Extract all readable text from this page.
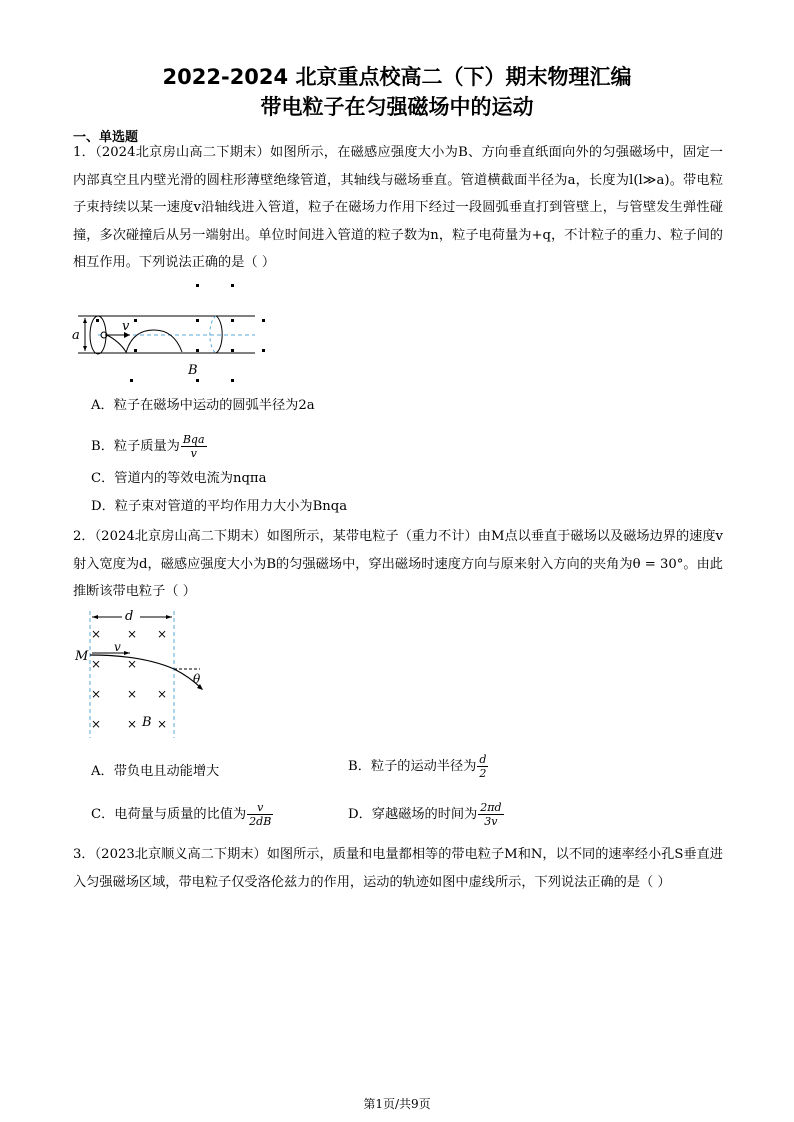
2022-2024 北京重点校高二（下）期末物理汇编
带电粒子在匀强磁场中的运动
一、单选题

1．（2024北京房山高二下期末）如图所示，在磁感应强度大小为B、方向垂直纸面向外的匀强磁场中，固定一内部真空且内壁光滑的圆柱形薄壁绝缘管道，其轴线与磁场垂直。管道横截面半径为a，长度为l(l≫a)。带电粒子束持续以某一速度v沿轴线进入管道，粒子在磁场力作用下经过一段圆弧垂直打到管壁上，与管壁发生弹性碰撞，多次碰撞后从另一端射出。单位时间进入管道的粒子数为n，粒子电荷量为+q，不计粒子的重力、粒子间的相互作用。下列说法正确的是（ ）

a
v
B
A．粒子在磁场中运动的圆弧半径为2a
B．粒子质量为 $\frac{\text{Bqa}}{v}$
C．管道内的等效电流为nqπa
D．粒子束对管道的平均作用力大小为Bnqa

2．（2024北京房山高二下期末）如图所示，某带电粒子（重力不计）由M点以垂直于磁场以及磁场边界的速度v射入宽度为d，磁感应强度大小为B的匀强磁场中，穿出磁场时速度方向与原来射入方向的夹角为θ = 30°。由此推断该带电粒子（ ）

d
× × ×
× ×
× × ×
× × ×
M
v
θ
B
A．带负电且动能增大	B．粒子的运动半径为 $\frac{d}{2}$
C．电荷量与质量的比值为 $\frac{v}{2dB}$	D．穿越磁场的时间为 $\frac{2\pi d}{3v}$

3．（2023北京顺义高二下期末）如图所示，质量和电量都相等的带电粒子M和N，以不同的速率经小孔S垂直进入匀强磁场区域，带电粒子仅受洛伦兹力的作用，运动的轨迹如图中虚线所示，下列说法正确的是（ ）

第1页/共9页
